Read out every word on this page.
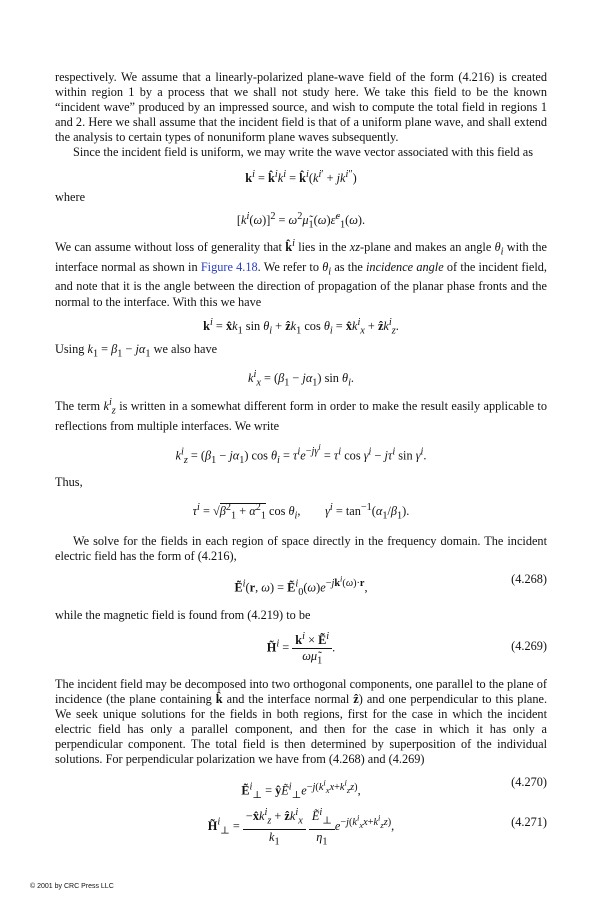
respectively. We assume that a linearly-polarized plane-wave field of the form (4.216) is created within region 1 by a process that we shall not study here. We take this field to be the known “incident wave” produced by an impressed source, and wish to compute the total field in regions 1 and 2. Here we shall assume that the incident field is that of a uniform plane wave, and shall extend the analysis to certain types of nonuniform plane waves subsequently.

Since the incident field is uniform, we may write the wave vector associated with this field as

$k^i$ = $k̂^ik^i$ = $k̂^i(k^{i'} + jk^{i''})$

where

$[k^i(\omega)]^2$ = $\omega^2\mũ_1(\omega)\varepsiloñ^c_1(\omega)$.

We can assume without loss of generality that k̂$^i$ lies in the xz-plane and makes an angle $\theta_i$ with the interface normal as shown in Figure 4.18. We refer to $\theta_i$ as the incidence angle of the incident field, and note that it is the angle between the direction of propagation of the planar phase fronts and the normal to the interface. With this we have

$k^i$ = $x̂k_1$ $\sin \theta_i$ + ẑk$_1$ $\cos \theta_i$ = $x̂k^i_x$ + ẑk$^i_z$.

Using $k_1 = \beta_1 - j\alpha_1$ we also have

$k^i_x = (\beta_1 - j\alpha_1)$ $\sin \theta_i$.

The term $k^i_z$ is written in a somewhat different form in order to make the result easily applicable to reflections from multiple interfaces. We write

$k^i_z = (\beta_1 - j\alpha_1)$ $\cos \theta_i = \tau^ie^{-j\gamma^i} = \tau^i$ $\cos \gamma^i - j\tau^i$ $\sin \gamma^i$.

Thus,

$\tau^i = √\beta^2_1 + \alpha^2_1$ $\cos \theta_i$,        $\gamma^i = \tan^{-1}(\alpha_1/\beta_1)$.

We solve for the fields in each region of space directly in the frequency domain. The incident electric field has the form of (4.216),

Ẽ$^i$(r, $\omega) = Ẽ^i_0(\omega)e^{-jk^i(\omega)\cdot r}$,
(4.268)

while the magnetic field is found from (4.219) to be

H̃$^i$ = $\frac{k^i \times Ẽ^i}{\omega\mũ_1}$ .	(4.269)

The incident field may be decomposed into two orthogonal components, one parallel to the plane of incidence (the plane containing k̂ and the interface normal ẑ) and one perpendicular to this plane. We seek unique solutions for the fields in both regions, first for the case in which the incident electric field has only a parallel component, and then for the case in which it has only a perpendicular component. The total field is then determined by superposition of the individual solutions. For perpendicular polarization we have from (4.268) and (4.269)

Ẽ$^i_\perp$ = $ŷẼ^i_\perp e^{-j(k^i_xx+k^i_zz)}$,
(4.270)
H̃$^i_\perp$ = $\frac{-x̂k^i_z + ẑk^i_x}{k_1}$
$\frac{Ẽ^i_\perp}{\eta_1} e^{-j(k^i_xx+k^i_zz)}$,	(4.271)
© 2001 by CRC Press LLC
